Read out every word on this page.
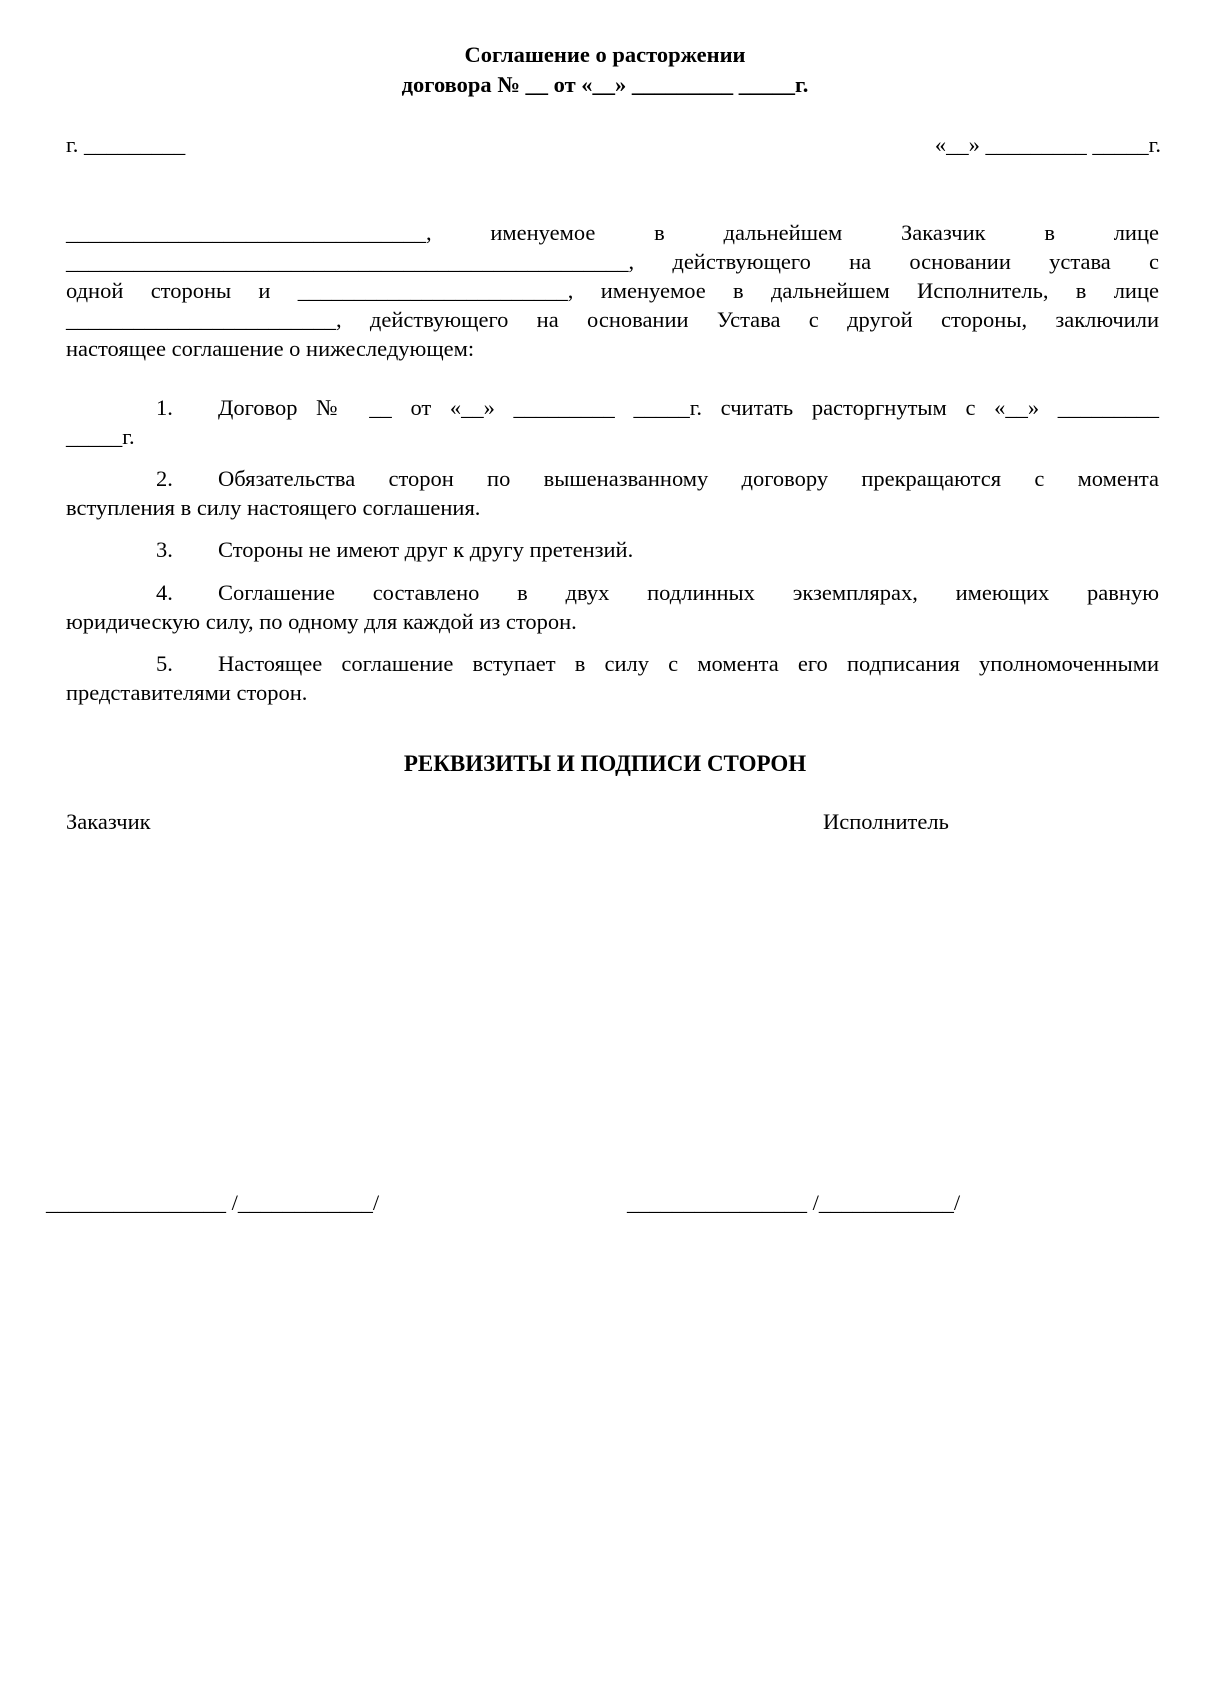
Соглашение о расторжении
договора № __ от «__» _________ _____г.
г. _________	«__» _________ _____г.
________________________________,	именуемое	в	дальнейшем	Заказчик	в	лице
__________________________________________________, действующего на основании устава с
одной стороны и ________________________, именуемое в дальнейшем Исполнитель, в лице
________________________, действующего на основании Устава с другой стороны, заключили
настоящее соглашение о нижеследующем:
1.	Договор № __ от «__» _________ _____г. считать расторгнутым с «__» _________
_____г.
2.	Обязательства сторон по вышеназванному договору прекращаются с момента
вступления в силу настоящего соглашения.
3.	Стороны не имеют друг к другу претензий.
4.	Соглашение составлено в двух подлинных экземплярах, имеющих равную
юридическую силу, по одному для каждой из сторон.
5.	Настоящее соглашение вступает в силу с момента его подписания уполномоченными
представителями сторон.
РЕКВИЗИТЫ И ПОДПИСИ СТОРОН
Заказчик	Исполнитель
________________ /____________/	________________ /____________/
